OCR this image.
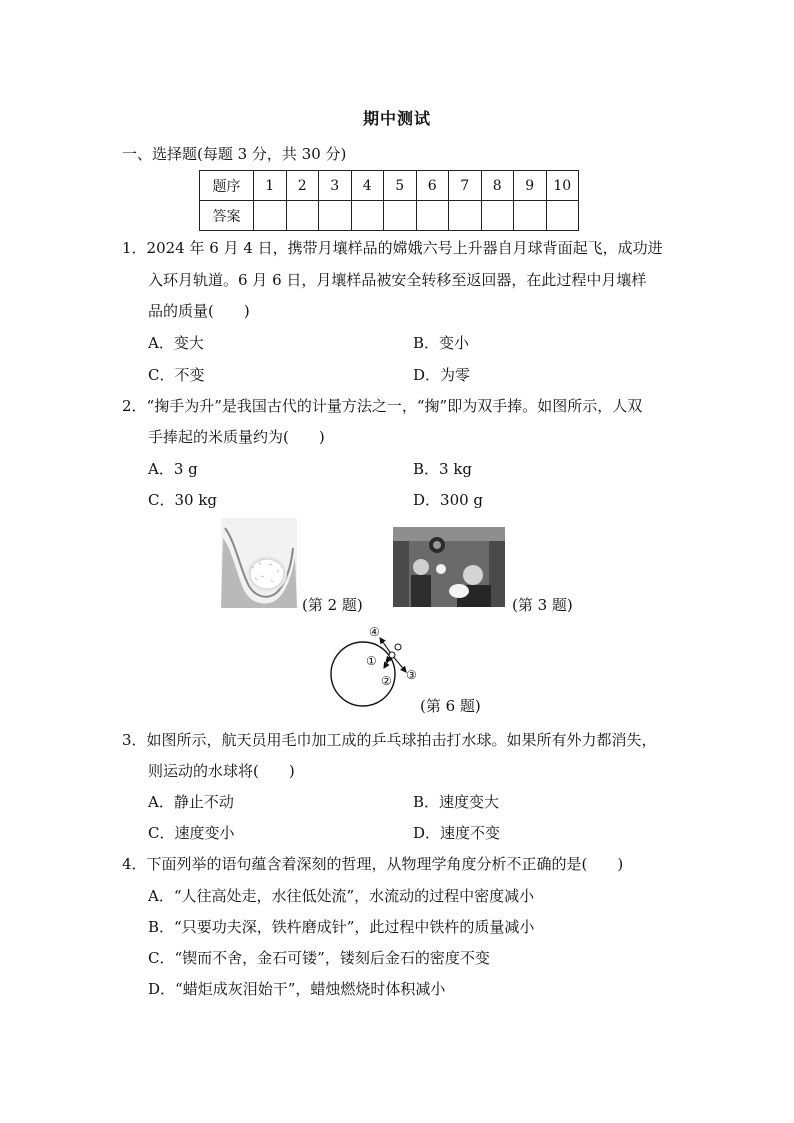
期中测试
一、选择题(每题 3 分，共 30 分)
题序	1	2	3	4	5	6	7	8	9	10
答案										
1．2024 年 6 月 4 日，携带月壤样品的嫦娥六号上升器自月球背面起飞，成功进
入环月轨道。6 月 6 日，月壤样品被安全转移至返回器，在此过程中月壤样
品的质量(　　)
A．变大	B．变小
C．不变	D．为零
2．“掬手为升”是我国古代的计量方法之一，“掬”即为双手捧。如图所示，人双
手捧起的米质量约为(　　)
A．3 g	B．3 kg
C．30 kg	D．300 g
(第 2 题)	(第 3 题)
④
①
② ③
(第 6 题)
3．如图所示，航天员用毛巾加工成的乒乓球拍击打水球。如果所有外力都消失，
则运动的水球将(　　)
A．静止不动	B．速度变大
C．速度变小	D．速度不变
4．下面列举的语句蕴含着深刻的哲理，从物理学角度分析不正确的是(　　)
A．“人往高处走，水往低处流”，水流动的过程中密度减小
B．“只要功夫深，铁杵磨成针”，此过程中铁杵的质量减小
C．“锲而不舍，金石可镂”，镂刻后金石的密度不变
D．“蜡炬成灰泪始干”，蜡烛燃烧时体积减小
